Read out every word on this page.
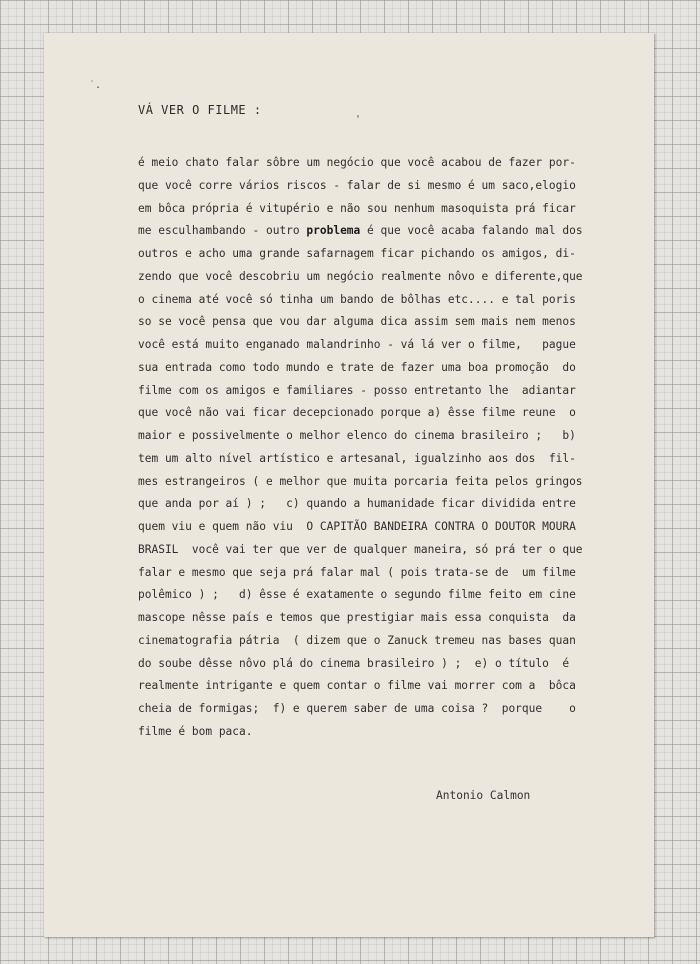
˙.
'
VÁ VER O FILME :
é meio chato falar sôbre um negócio que você acabou de fazer por-
que você corre vários riscos - falar de si mesmo é um saco,elogio
em bôca própria é vitupério e não sou nenhum masoquista prá ficar
me esculhambando - outro problema é que você acaba falando mal dos
outros e acho uma grande safarnagem ficar pichando os amigos, di-
zendo que você descobriu um negócio realmente nôvo e diferente,que
o cinema até você só tinha um bando de bôlhas etc.... e tal poris
so se você pensa que vou dar alguma dica assim sem mais nem menos
você está muito enganado malandrinho - vá lá ver o filme,   pague
sua entrada como todo mundo e trate de fazer uma boa promoção  do
filme com os amigos e familiares - posso entretanto lhe  adiantar
que você não vai ficar decepcionado porque a) êsse filme reune  o
maior e possivelmente o melhor elenco do cinema brasileiro ;   b)
tem um alto nível artístico e artesanal, igualzinho aos dos  fil-
mes estrangeiros ( e melhor que muita porcaria feita pelos gringos
que anda por aí ) ;   c) quando a humanidade ficar dividida entre
quem viu e quem não viu  O CAPITÃO BANDEIRA CONTRA O DOUTOR MOURA
BRASIL  você vai ter que ver de qualquer maneira, só prá ter o que
falar e mesmo que seja prá falar mal ( pois trata-se de  um filme
polêmico ) ;   d) êsse é exatamente o segundo filme feito em cine
mascope nêsse país e temos que prestigiar mais essa conquista  da
cinematografia pátria  ( dizem que o Zanuck tremeu nas bases quan
do soube dêsse nôvo plá do cinema brasileiro ) ;  e) o título  é
realmente intrigante e quem contar o filme vai morrer com a  bôca
cheia de formigas;  f) e querem saber de uma coisa ?  porque    o
filme é bom paca.
Antonio Calmon
